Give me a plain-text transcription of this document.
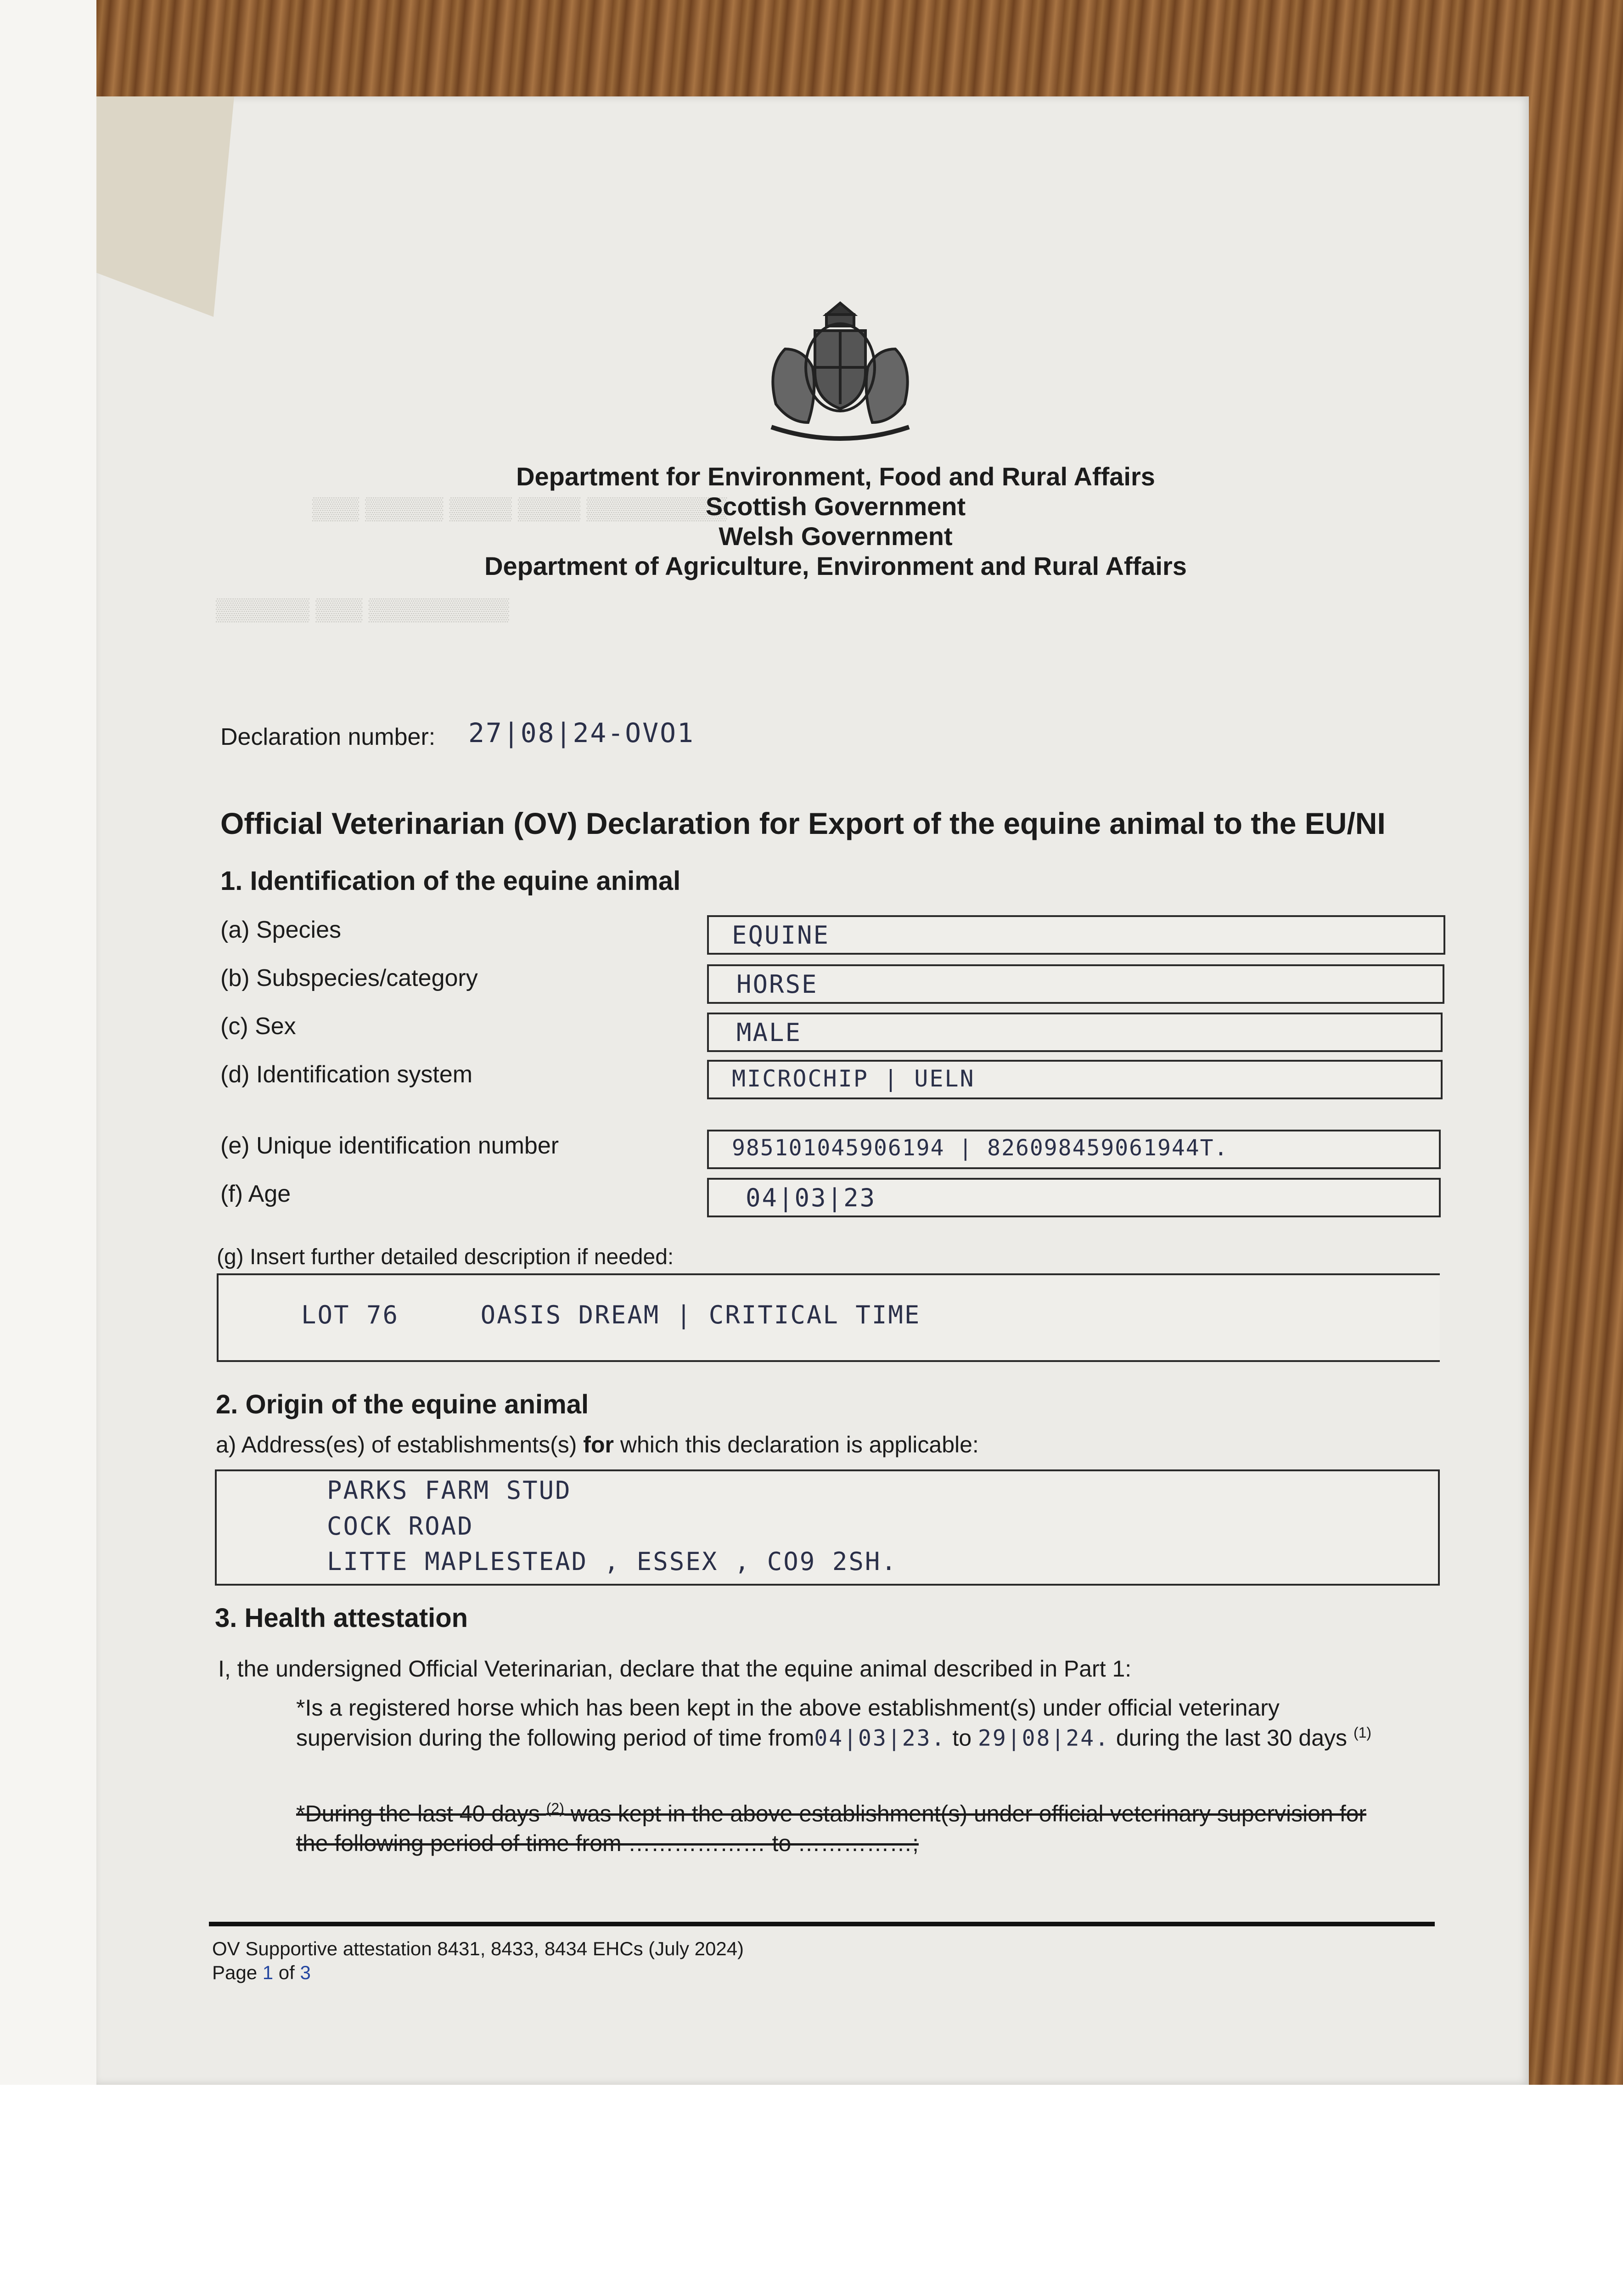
▒▒▒ ▒▒▒▒▒ ▒▒▒▒ ▒▒▒▒ ▒▒▒▒▒▒▒▒▒
▒▒▒▒▒▒ ▒▒▒ ▒▒▒▒▒▒▒▒▒
Department for Environment, Food and Rural Affairs
Scottish Government
Welsh Government
Department of Agriculture, Environment and Rural Affairs
Declaration number: 27|08|24-OVO1
Official Veterinarian (OV) Declaration for Export of the equine animal to the EU/NI
1. Identification of the equine animal
(a) Species	EQUINE
(b) Subspecies/category	HORSE
(c) Sex	MALE
(d) Identification system	MICROCHIP | UELN
(e) Unique identification number	985101045906194 | 826098459061944T.
(f) Age	04|03|23
(g) Insert further detailed description if needed:
LOT 76     OASIS DREAM | CRITICAL TIME
2. Origin of the equine animal
a) Address(es) of establishments(s) for which this declaration is applicable:
PARKS FARM STUD
COCK ROAD
LITTE MAPLESTEAD , ESSEX , CO9 2SH.
3. Health attestation
I, the undersigned Official Veterinarian, declare that the equine animal described in Part 1:
*Is a registered horse which has been kept in the above establishment(s) under official veterinary
supervision during the following period of time from04|03|23. to 29|08|24. during the last 30 days $^{(1)}$
*During the last 40 days $^{(2)}$ was kept in the above establishment(s) under official veterinary supervision for
the following period of time from ……………… to ……………;
OV Supportive attestation 8431, 8433, 8434 EHCs (July 2024)
Page 1 of 3
